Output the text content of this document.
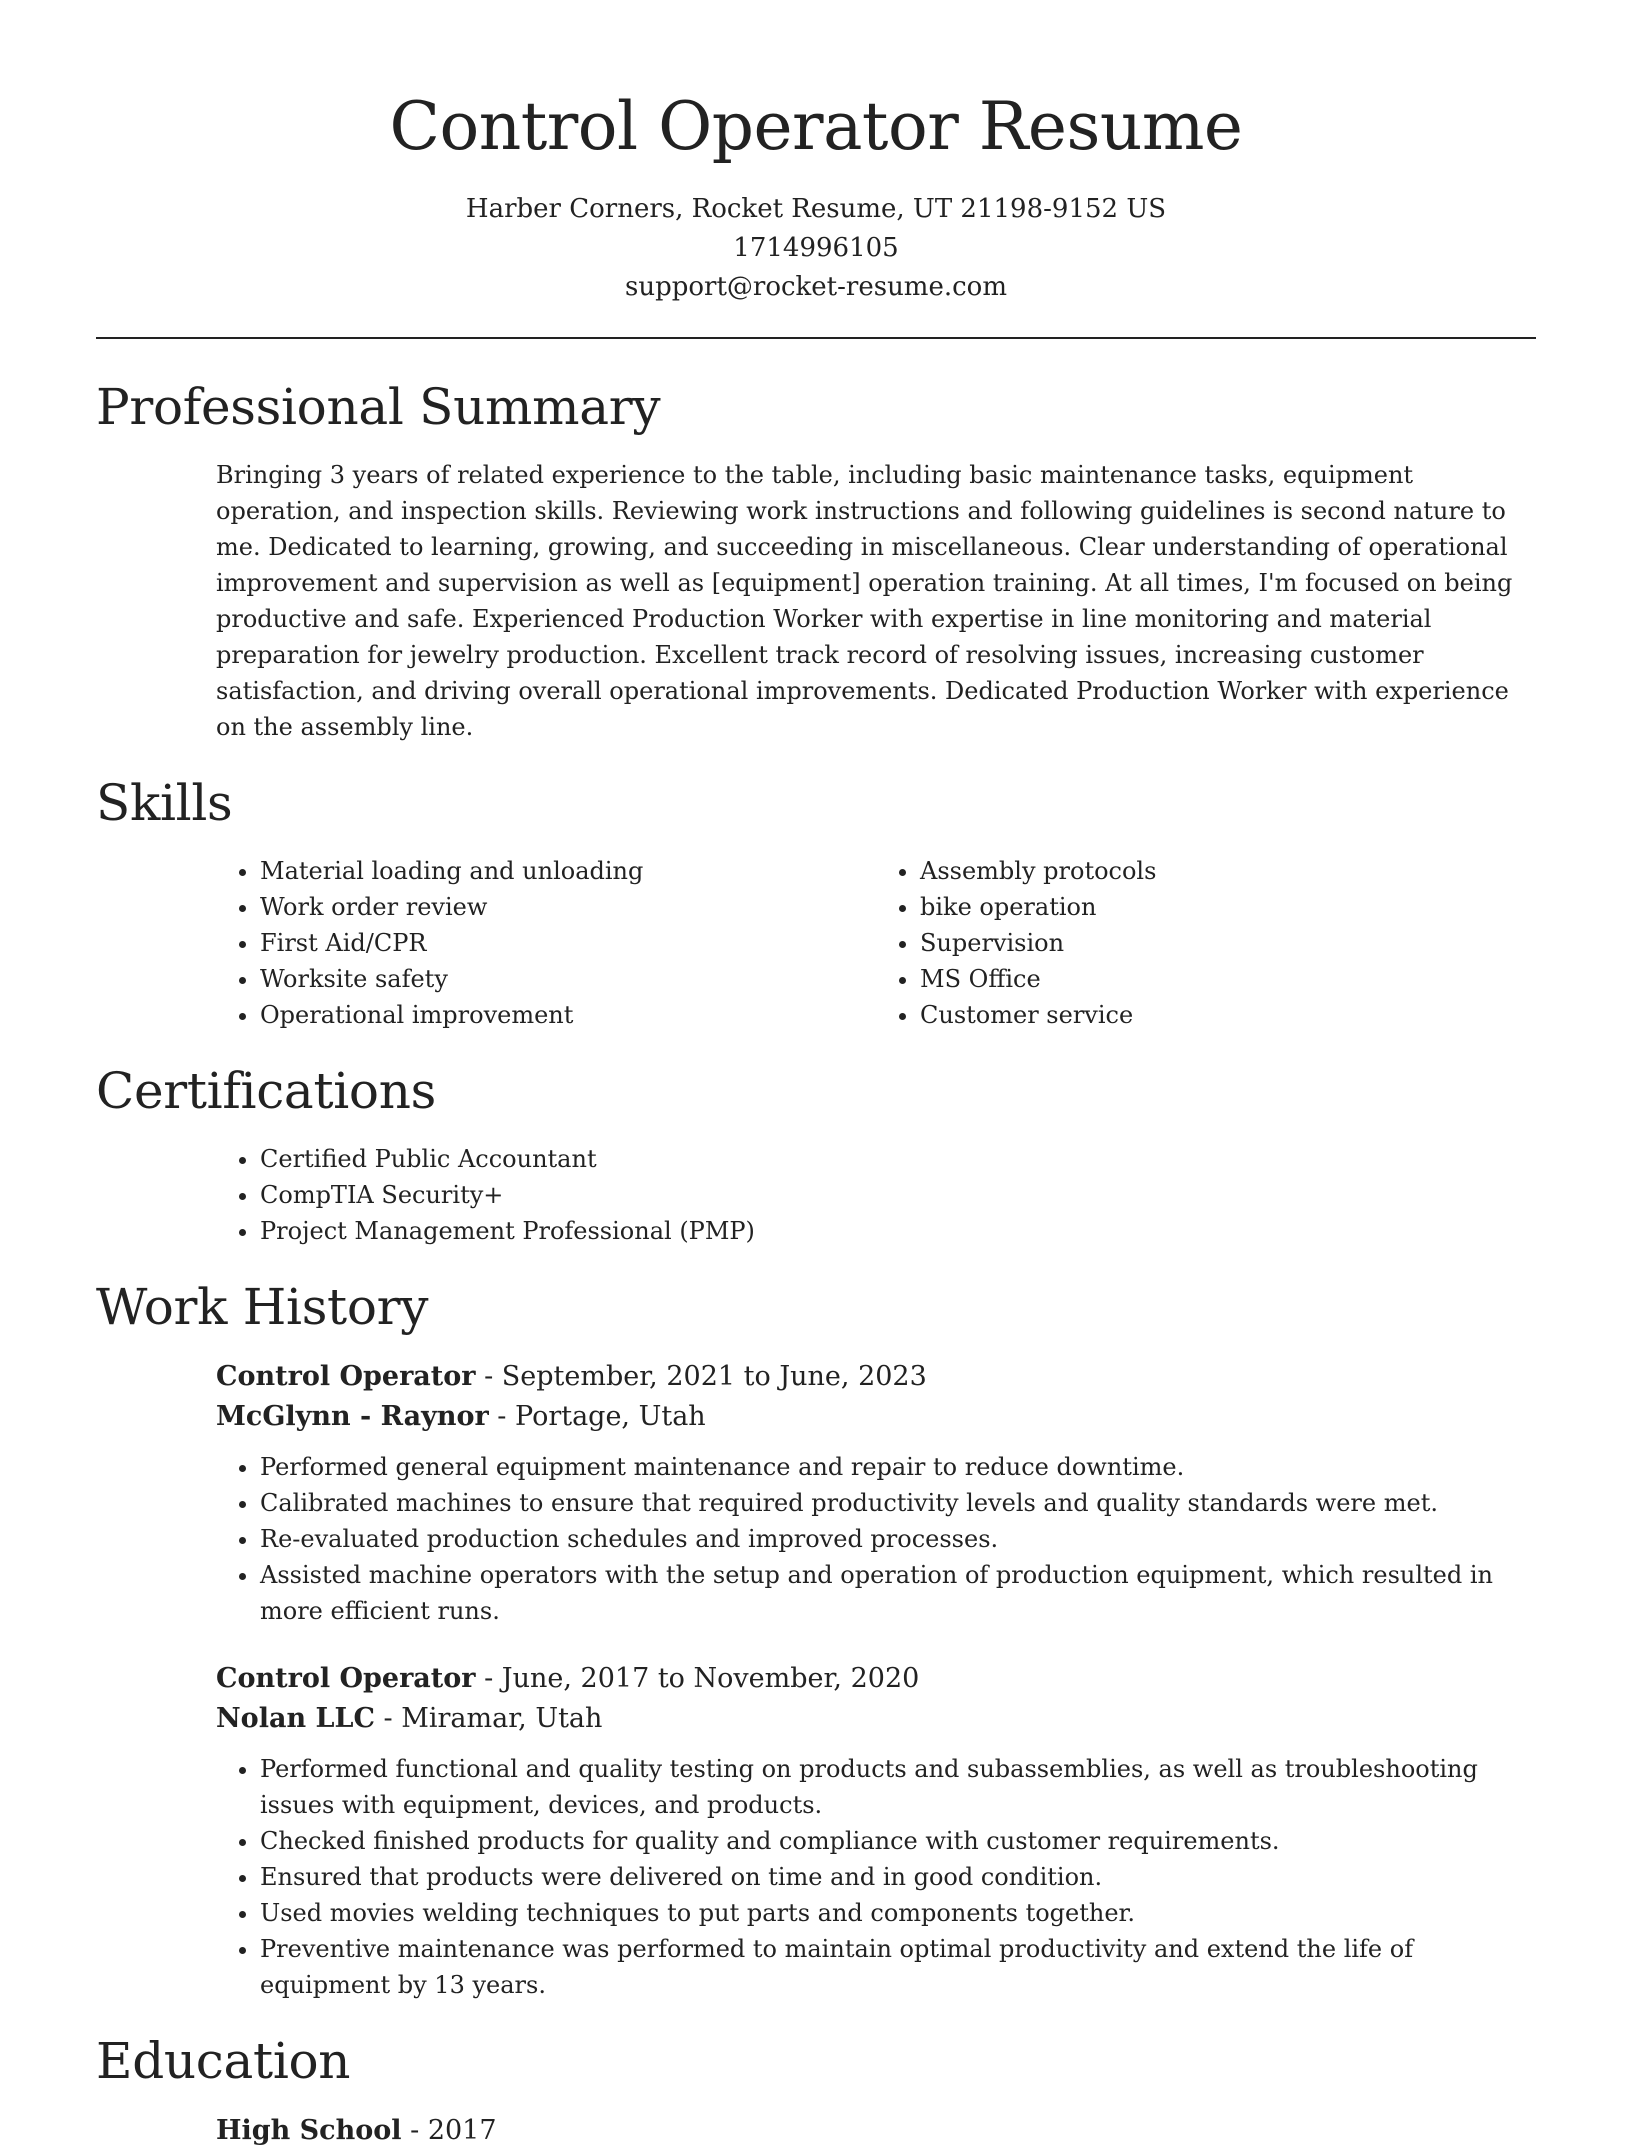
Control Operator Resume
Harber Corners, Rocket Resume, UT 21198-9152 US
1714996105
support@rocket-resume.com
Professional Summary
Bringing 3 years of related experience to the table, including basic maintenance tasks, equipment operation, and inspection skills. Reviewing work instructions and following guidelines is second nature to me. Dedicated to learning, growing, and succeeding in miscellaneous. Clear understanding of operational improvement and supervision as well as [equipment] operation training. At all times, I'm focused on being productive and safe. Experienced Production Worker with expertise in line monitoring and material preparation for jewelry production. Excellent track record of resolving issues, increasing customer satisfaction, and driving overall operational improvements. Dedicated Production Worker with experience on the assembly line.
Skills
• Material loading and unloading
• Work order review
• First Aid/CPR
• Worksite safety
• Operational improvement
• Assembly protocols
• bike operation
• Supervision
• MS Office
• Customer service
Certifications
• Certified Public Accountant
• CompTIA Security+
• Project Management Professional (PMP)
Work History
Control Operator - September, 2021 to June, 2023
McGlynn - Raynor - Portage, Utah
• Performed general equipment maintenance and repair to reduce downtime.
• Calibrated machines to ensure that required productivity levels and quality standards were met.
• Re-evaluated production schedules and improved processes.
• Assisted machine operators with the setup and operation of production equipment, which resulted in more efficient runs.
Control Operator - June, 2017 to November, 2020
Nolan LLC - Miramar, Utah
• Performed functional and quality testing on products and subassemblies, as well as troubleshooting issues with equipment, devices, and products.
• Checked finished products for quality and compliance with customer requirements.
• Ensured that products were delivered on time and in good condition.
• Used movies welding techniques to put parts and components together.
• Preventive maintenance was performed to maintain optimal productivity and extend the life of equipment by 13 years.
Education
High School - 2017
